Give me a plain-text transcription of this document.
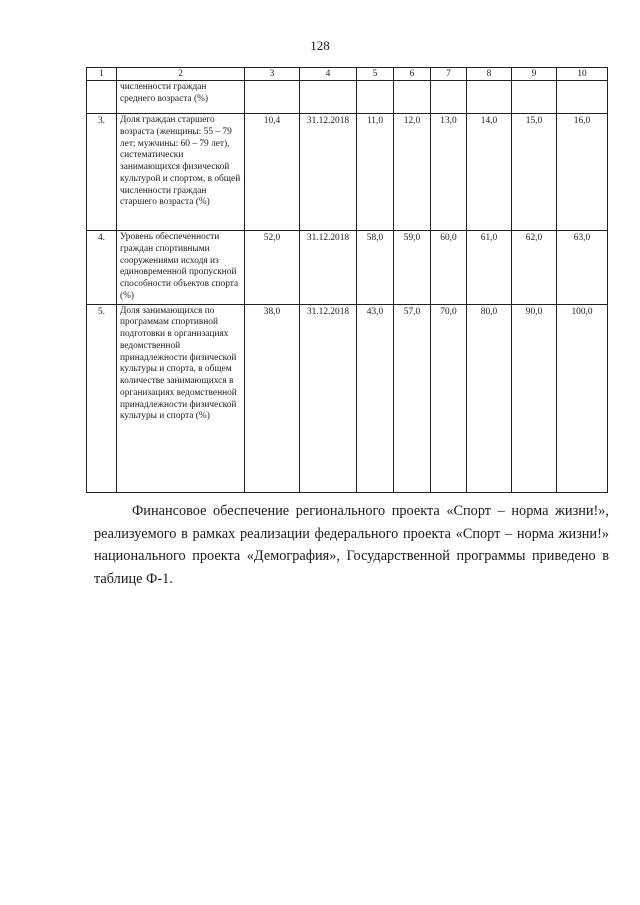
128
1	2	3	4	5	6	7	8	9	10
	численности граждан среднего возраста (%)								
3.	Доля граждан старшего возраста (женщины: 55 – 79 лет; мужчины: 60 – 79 лет), систематически занимающихся физической культурой и спортом, в общей численности граждан старшего возраста (%)	10,4	31.12.2018	11,0	12,0	13,0	14,0	15,0	16,0
4.	Уровень обеспеченности граждан спортивными сооружениями исходя из единовременной пропускной способности объектов спорта (%)	52,0	31.12.2018	58,0	59,0	60,0	61,0	62,0	63,0
5.	Доля занимающихся по программам спортивной подготовки в организациях ведомственной принадлежности физической культуры и спорта, в общем количестве занимающихся в организациях ведомственной принадлежности физической культуры и спорта (%)	38,0	31.12.2018	43,0	57,0	70,0	80,0	90,0	100,0
Финансовое обеспечение регионального проекта «Спорт – норма жизни!», реализуемого в рамках реализации федерального проекта «Спорт – норма жизни!» национального проекта «Демография», Государственной программы приведено в таблице Ф-1.
